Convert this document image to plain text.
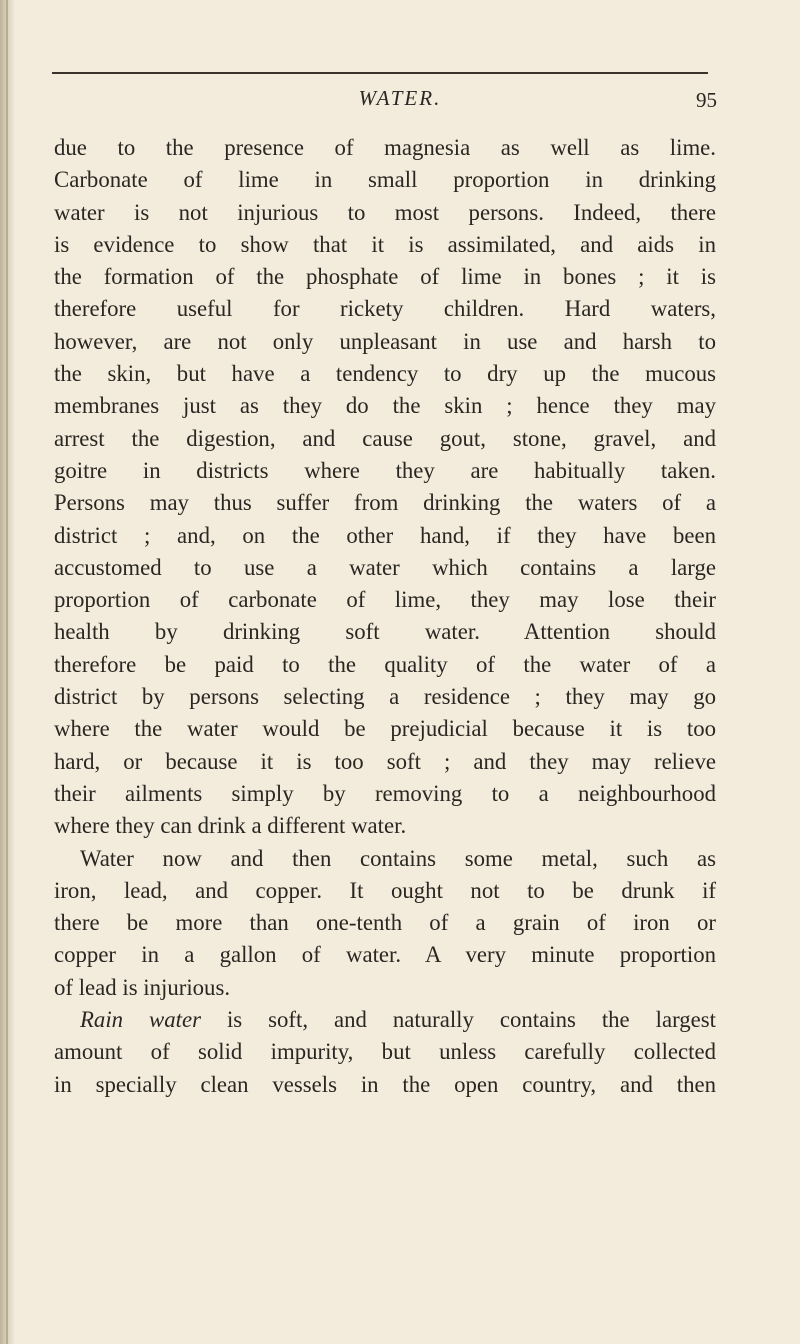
WATER.	95
due to the presence of magnesia as well as lime.
Carbonate of lime in small proportion in drinking
water is not injurious to most persons. Indeed, there
is evidence to show that it is assimilated, and aids in
the formation of the phosphate of lime in bones ; it is
therefore useful for rickety children. Hard waters,
however, are not only unpleasant in use and harsh to
the skin, but have a tendency to dry up the mucous
membranes just as they do the skin ; hence they may
arrest the digestion, and cause gout, stone, gravel, and
goitre in districts where they are habitually taken.
Persons may thus suffer from drinking the waters of a
district ; and, on the other hand, if they have been
accustomed to use a water which contains a large
proportion of carbonate of lime, they may lose their
health by drinking soft water. Attention should
therefore be paid to the quality of the water of a
district by persons selecting a residence ; they may go
where the water would be prejudicial because it is too
hard, or because it is too soft ; and they may relieve
their ailments simply by removing to a neighbourhood
where they can drink a different water.
Water now and then contains some metal, such as
iron, lead, and copper. It ought not to be drunk if
there be more than one-tenth of a grain of iron or
copper in a gallon of water. A very minute proportion
of lead is injurious.
Rain water is soft, and naturally contains the largest
amount of solid impurity, but unless carefully collected
in specially clean vessels in the open country, and then
